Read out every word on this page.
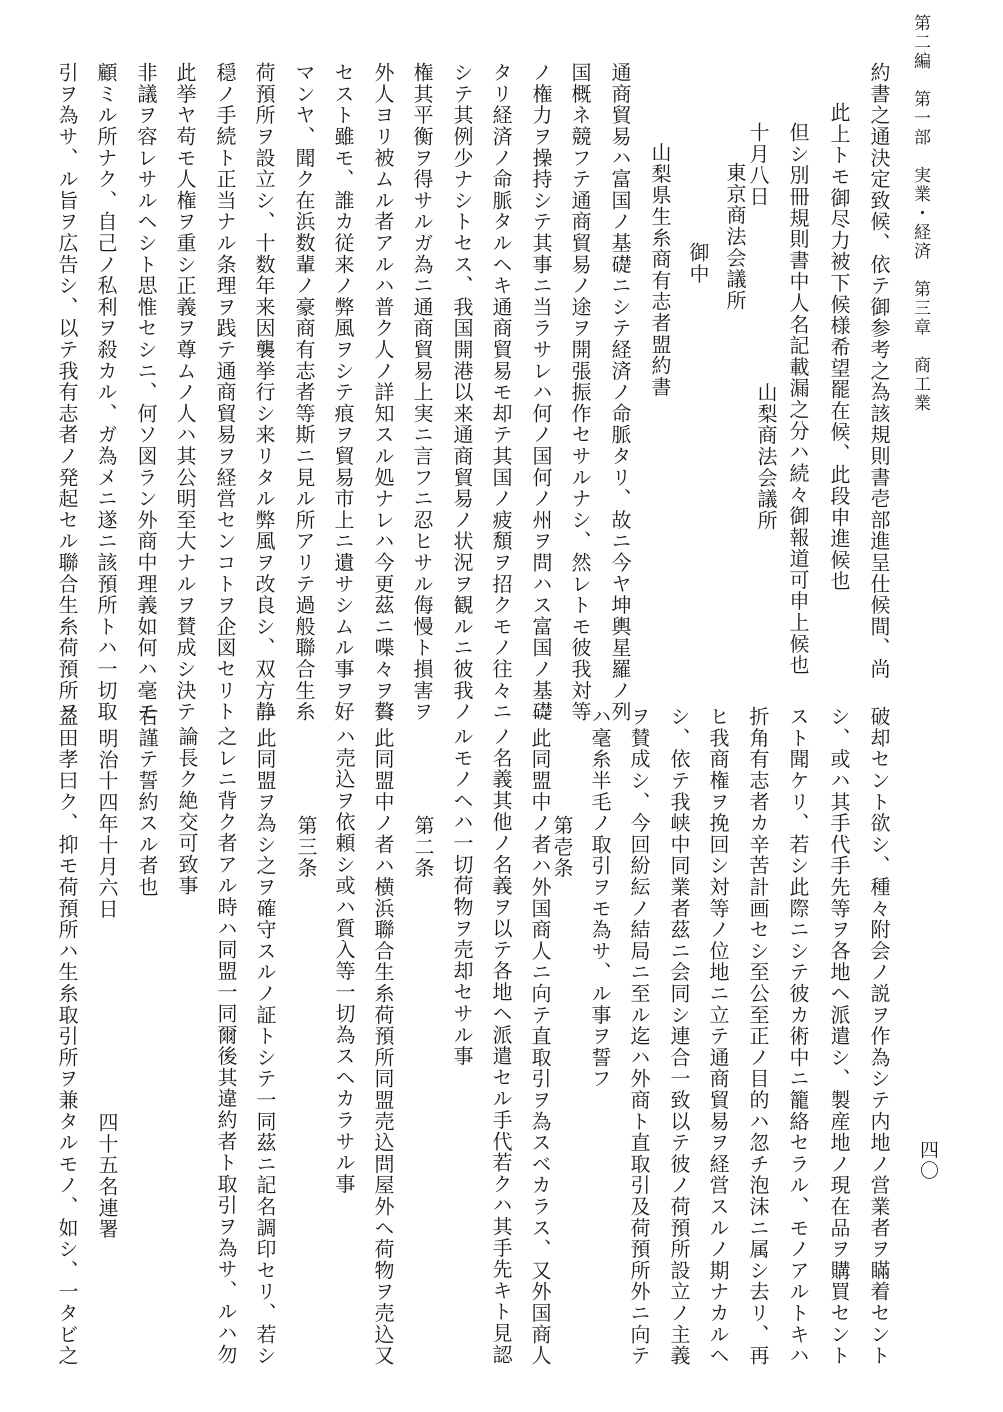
第二編　第一部　実業・経済　第三章　商工業
四〇
約書之通決定致候、依テ御参考之為該規則書壱部進呈仕候間、尚
此上トモ御尽力被下候様希望罷在候、此段申進候也
但シ別冊規則書中人名記載漏之分ハ続々御報道可申上候也
十月八日
山梨商法会議所
東京商法会議所
御中
山梨県生糸商有志者盟約書
通商貿易ハ富国ノ基礎ニシテ経済ノ命脈タリ、故ニ今ヤ坤輿星羅ノ列
国概ネ競フテ通商貿易ノ途ヲ開張振作セサルナシ、然レトモ彼我対等
ノ権力ヲ操持シテ其事ニ当ラサレハ何ノ国何ノ州ヲ問ハス富国ノ基礎
タリ経済ノ命脈タルヘキ通商貿易モ却テ其国ノ疲頽ヲ招クモノ往々ニ
シテ其例少ナシトセス、我国開港以来通商貿易ノ状況ヲ観ルニ彼我ノ
権其平衡ヲ得サルガ為ニ通商貿易上実ニ言フニ忍ヒサル侮慢ト損害ヲ
外人ヨリ被ムル者アルハ普ク人ノ詳知スル処ナレハ今更茲ニ喋々ヲ贅
セスト雖モ、誰カ従来ノ弊風ヲシテ痕ヲ貿易市上ニ遺サシムル事ヲ好
マンヤ、聞ク在浜数輩ノ豪商有志者等斯ニ見ル所アリテ過般聯合生糸
荷預所ヲ設立シ、十数年来因襲挙行シ来リタル弊風ヲ改良シ、双方静
穏ノ手続ト正当ナル条理ヲ践テ通商貿易ヲ経営センコトヲ企図セリト
此挙ヤ苟モ人権ヲ重シ正義ヲ尊ムノ人ハ其公明至大ナルヲ賛成シ決テ
非議ヲ容レサルヘシト思惟セシニ、何ソ図ラン外商中理義如何ハ毫モ
顧ミル所ナク、自己ノ私利ヲ殺カル、ガ為メニ遂ニ該預所トハ一切取
引ヲ為サ、ル旨ヲ広告シ、以テ我有志者ノ発起セル聯合生糸荷預所ヲ
破却セント欲シ、種々附会ノ説ヲ作為シテ内地ノ営業者ヲ瞞着セント
シ、或ハ其手代手先等ヲ各地ヘ派遣シ、製産地ノ現在品ヲ購買セント
スト聞ケリ、若シ此際ニシテ彼カ術中ニ籠絡セラル、モノアルトキハ
折角有志者カ辛苦計画セシ至公至正ノ目的ハ忽チ泡沫ニ属シ去リ、再
ヒ我商権ヲ挽回シ対等ノ位地ニ立テ通商貿易ヲ経営スルノ期ナカルヘ
シ、依テ我峡中同業者茲ニ会同シ連合一致以テ彼ノ荷預所設立ノ主義
ヲ賛成シ、今回紛紜ノ結局ニ至ル迄ハ外商ト直取引及荷預所外ニ向テ
ハ毫糸半毛ノ取引ヲモ為サ、ル事ヲ誓フ
第壱条
一此同盟中ノ者ハ外国商人ニ向テ直取引ヲ為スベカラス、又外国商人
ノ名義其他ノ名義ヲ以テ各地ヘ派遣セル手代若クハ其手先キト見認
ルモノヘハ一切荷物ヲ売却セサル事
第二条
一此同盟中ノ者ハ横浜聯合生糸荷預所同盟売込問屋外ヘ荷物ヲ売込又
ハ売込ヲ依頼シ或ハ質入等一切為スヘカラサル事
第三条
一此同盟ヲ為シ之ヲ確守スルノ証トシテ一同茲ニ記名調印セリ、若シ
之レニ背ク者アル時ハ同盟一同爾後其違約者ト取引ヲ為サ、ルハ勿
論長ク絶交可致事
右謹テ誓約スル者也
明治十四年十月六日
四十五名連署
益田孝曰ク、抑モ荷預所ハ生糸取引所ヲ兼タルモノ、如シ、一タビ之
